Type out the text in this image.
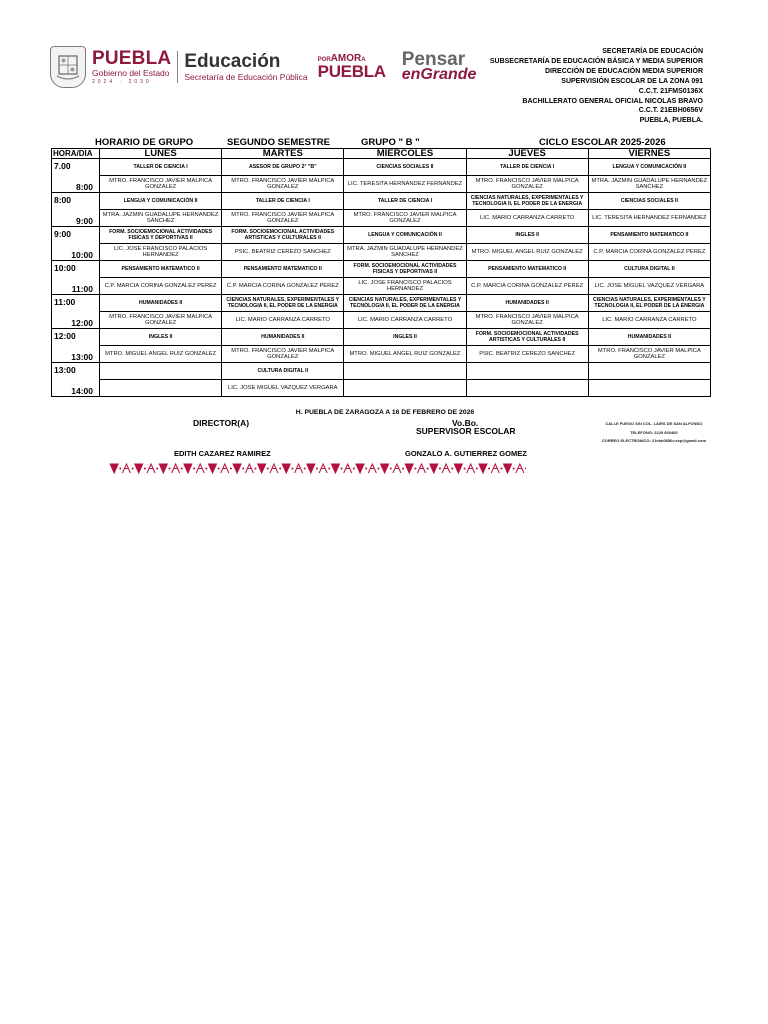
PUEBLA
Gobierno del Estado
2024 · 2030
Educación
Secretaría de Educación Pública
PORAMORA
PUEBLA
Pensar
enGrande
SECRETARÍA DE EDUCACIÓN
SUBSECRETARÍA DE EDUCACIÓN BÁSICA Y MEDIA SUPERIOR
DIRECCIÓN DE EDUCACIÓN MEDIA SUPERIOR
SUPERVISIÓN ESCOLAR DE LA ZONA 091
C.C.T. 21FMS0136X
BACHILLERATO GENERAL OFICIAL NICOLAS BRAVO
C.C.T. 21EBH0656V
PUEBLA, PUEBLA.
HORARIO DE GRUPO	SEGUNDO SEMESTRE	GRUPO " B "	CICLO ESCOLAR 2025-2026
HORA/DIA	LUNES	MARTES	MIERCOLES	JUEVES	VIERNES

7.00
8:00	TALLER DE CIENCIA I	ASESOR DE GRUPO 2° "B"	CIENCIAS SOCIALES II	TALLER DE CIENCIA I	LENGUA Y COMUNICACIÓN II
	MTRO. FRANCISCO JAVIER MALPICA GONZALEZ	MTRO. FRANCISCO JAVIER MALPICA GONZALEZ	LIC. TERESITA HERNANDEZ FERNANDEZ	MTRO. FRANCISCO JAVIER MALPICA GONZALEZ	MTRA. JAZMIN GUADALUPE HERNANDEZ SANCHEZ

8:00
9:00	LENGUA Y COMUNICACIÓN II	TALLER DE CIENCIA I	TALLER DE CIENCIA I	CIENCIAS NATURALES, EXPERIMENTALES Y TECNOLOGIA II, EL PODER DE LA ENERGIA	CIENCIAS SOCIALES II
	MTRA. JAZMIN GUADALUPE HERNANDEZ SANCHEZ	MTRO. FRANCISCO JAVIER MALPICA GONZALEZ	MTRO. FRANCISCO JAVIER MALPICA GONZALEZ	LIC. MARIO CARRANZA CARRETO	LIC. TERESITA HERNANDEZ FERNANDEZ

9:00
10:00	FORM. SOCIOEMOCIONAL ACTIVIDADES FISICAS Y DEPORTIVAS II	FORM. SOCIOEMOCIONAL ACTIVIDADES ARTISTICAS Y CULTURALES II	LENGUA Y COMUNICACIÓN II	INGLES II	PENSAMIENTO MATEMATICO II
	LIC. JOSE FRANCISCO PALACIOS HERNANDEZ	PSIC. BEATRIZ CEREZO SANCHEZ	MTRA. JAZMIN GUADALUPE HERNANDEZ SANCHEZ	MTRO. MIGUEL ANGEL RUIZ GONZALEZ	C.P. MARCIA CORINA GONZALEZ PEREZ

10:00
11:00	PENSAMIENTO MATEMATICO II	PENSAMIENTO MATEMATICO II	FORM. SOCIOEMOCIONAL ACTIVIDADES FISICAS Y DEPORTIVAS II	PENSAMIENTO MATEMATICO II	CULTURA DIGITAL II
	C.P. MARCIA CORINA GONZALEZ PEREZ	C.P. MARCIA CORINA GONZALEZ PEREZ	LIC. JOSE FRANCISCO PALACIOS HERNANDEZ	C.P. MARCIA CORINA GONZALEZ PEREZ	LIC. JOSE MIGUEL VAZQUEZ VERGARA

11:00
12:00	HUMANIDADES II	CIENCIAS NATURALES, EXPERIMENTALES Y TECNOLOGIA II, EL PODER DE LA ENERGIA	CIENCIAS NATURALES, EXPERIMENTALES Y TECNOLOGIA II, EL PODER DE LA ENERGIA	HUMANIDADES II	CIENCIAS NATURALES, EXPERIMENTALES Y TECNOLOGIA II, EL PODER DE LA ENERGIA
	MTRO. FRANCISCO JAVIER MALPICA GONZALEZ	LIC. MARIO CARRANZA CARRETO	LIC. MARIO CARRANZA CARRETO	MTRO. FRANCISCO JAVIER MALPICA GONZALEZ	LIC. MARIO CARRANZA CARRETO

12:00
13:00	INGLES II	HUMANIDADES II	INGLES II	FORM. SOCIOEMOCIONAL ACTIVIDADES ARTISTICAS Y CULTURALES II	HUMANIDADES II
	MTRO. MIGUEL ANGEL RUIZ GONZALEZ	MTRO. FRANCISCO JAVIER MALPICA GONZALEZ	MTRO. MIGUEL ANGEL RUIZ GONZALEZ	PSIC. BEATRIZ CEREZO SANCHEZ	MTRO. FRANCISCO JAVIER MALPICA GONZALEZ

13:00
14:00		CULTURA DIGITAL II			
		LIC. JOSE MIGUEL VAZQUEZ VERGARA			
H. PUEBLA DE ZARAGOZA A 16 DE FEBRERO DE 2026
DIRECTOR(A)	Vo.Bo.
SUPERVISOR ESCOLAR
CALLE FUEGO S/N COL. LAIRS DE SAN ALFONSO
TELEFONO: 2229 660460
CORREO ELECTRONICO: 21ebh0656v.sep@gmail.com
EDITH CAZAREZ RAMIREZ	GONZALO A. GUTIERREZ GOMEZ
